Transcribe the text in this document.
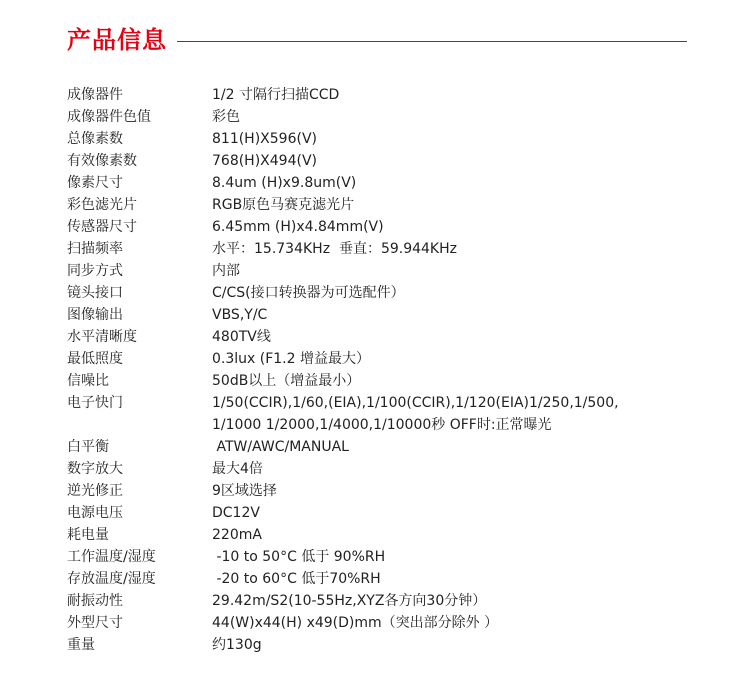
产品信息
成像器件	1/2 寸隔行扫描CCD
成像器件色值	彩色
总像素数	811(H)X596(V)
有效像素数	768(H)X494(V)
像素尺寸	8.4um (H)x9.8um(V)
彩色滤光片	RGB原色马赛克滤光片
传感器尺寸	6.45mm (H)x4.84mm(V)
扫描频率	水平：15.734KHz  垂直：59.944KHz
同步方式	内部
镜头接口	C/CS(接口转换器为可选配件）
图像输出	VBS,Y/C
水平清晰度	480TV线
最低照度	0.3lux (F1.2 增益最大）
信噪比	50dB以上（增益最小）
电子快门	1/50(CCIR),1/60,(EIA),1/100(CCIR),1/120(EIA)1/250,1/500,
1/1000 1/2000,1/4000,1/10000秒 OFF时:正常曝光
白平衡	ATW/AWC/MANUAL
数字放大	最大4倍
逆光修正	9区域选择
电源电压	DC12V
耗电量	220mA
工作温度/湿度	-10 to 50°C 低于 90%RH
存放温度/湿度	-20 to 60°C 低于70%RH
耐振动性	29.42m/S2(10-55Hz,XYZ各方向30分钟）
外型尺寸	44(W)x44(H) x49(D)mm（突出部分除外 ）
重量	约130g
